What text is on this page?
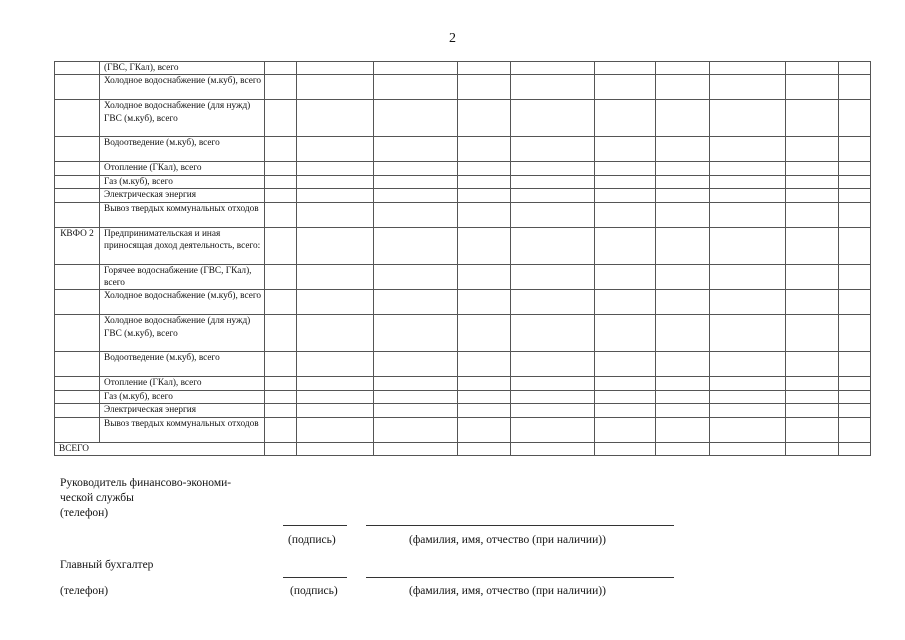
2
	(ГВС, ГКал), всего										
	Холодное водоснабжение (м.куб), всего										
	Холодное водоснабжение (для нужд) ГВС (м.куб), всего										
	Водоотведение (м.куб), всего										
	Отопление (ГКал), всего										
	Газ (м.куб), всего										
	Электрическая энергия										
	Вывоз твердых коммунальных отходов										
КВФО 2	Предпринимательская и иная приносящая доход деятельность, всего:										
	Горячее водоснабжение (ГВС, ГКал), всего										
	Холодное водоснабжение (м.куб), всего										
	Холодное водоснабжение (для нужд) ГВС (м.куб), всего										
	Водоотведение (м.куб), всего										
	Отопление (ГКал), всего										
	Газ (м.куб), всего										
	Электрическая энергия										
	Вывоз твердых коммунальных отходов										
ВСЕГО											
Руководитель финансово-экономи-
ческой службы
(телефон)
(подпись)	(фамилия, имя, отчество (при наличии))
Главный бухгалтер
(телефон)	(подпись)	(фамилия, имя, отчество (при наличии))
